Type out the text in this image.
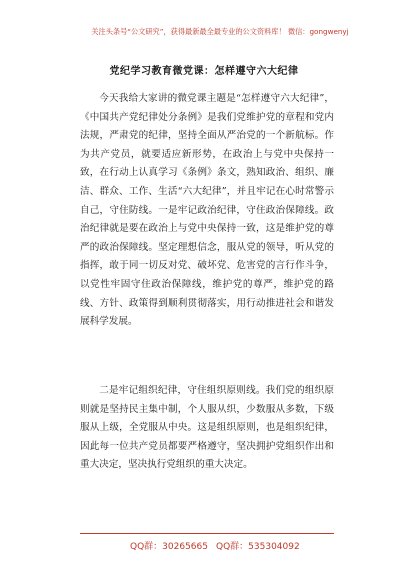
关注头条号“公文研究”，获得最新最全最专业的公文资料库！ 微信：gongwenyj
党纪学习教育微党课：怎样遵守六大纪律

今天我给大家讲的微党课主题是“怎样遵守六大纪律”，《中国共产党纪律处分条例》是我们党维护党的章程和党内法规，严肃党的纪律，坚持全面从严治党的一个新航标。作为共产党员，就要适应新形势，在政治上与党中央保持一致，在行动上认真学习《条例》条文，熟知政治、组织、廉洁、群众、工作、生活“六大纪律”，并且牢记在心时常警示自己，守住防线。一是牢记政治纪律，守住政治保障线。政治纪律就是要在政治上与党中央保持一致，这是维护党的尊严的政治保障线。坚定理想信念，服从党的领导，听从党的指挥，敢于同一切反对党、破坏党、危害党的言行作斗争，以党性牢固守住政治保障线，维护党的尊严，维护党的路线、方针、政策得到顺利贯彻落实，用行动推进社会和谐发展科学发展。

二是牢记组织纪律，守住组织原则线。我们党的组织原则就是坚持民主集中制，个人服从织，少数服从多数，下级服从上级，全党服从中央。这是组织原则，也是组织纪律，因此每一位共产党员都要严格遵守，坚决拥护党组织作出和重大决定，坚决执行党组织的重大决定。

QQ群：30265665 QQ群：535304092
